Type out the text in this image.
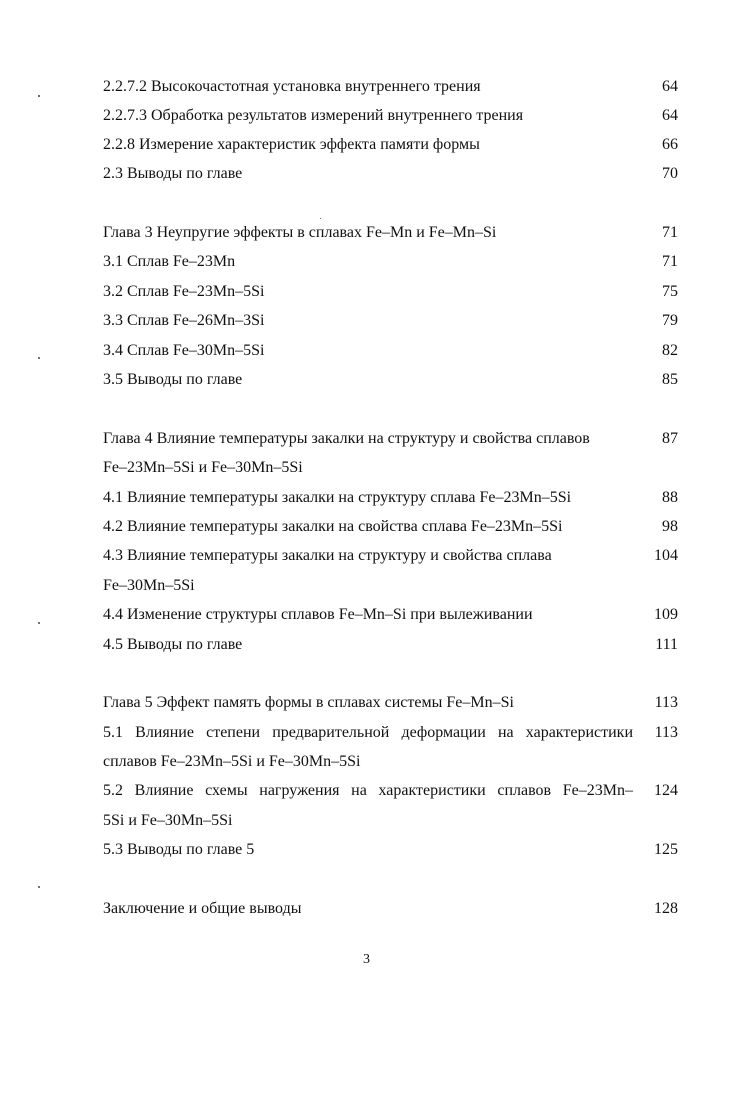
2.2.7.2 Высокочастотная установка внутреннего трения	64
2.2.7.3 Обработка результатов измерений внутреннего трения	64
2.2.8 Измерение характеристик эффекта памяти формы	66
2.3 Выводы по главе	70
Глава 3 Неупругие эффекты в сплавах Fe–Mn и Fe–Mn–Si	71
3.1 Сплав Fe–23Mn	71
3.2 Сплав Fe–23Mn–5Si	75
3.3 Сплав Fe–26Mn–3Si	79
3.4 Сплав Fe–30Mn–5Si	82
3.5 Выводы по главе	85
Глава 4 Влияние температуры закалки на структуру и свойства сплавов	87
Fe–23Mn–5Si и Fe–30Mn–5Si
4.1 Влияние температуры закалки на структуру сплава Fe–23Mn–5Si	88
4.2 Влияние температуры закалки на свойства сплава Fe–23Mn–5Si	98
4.3 Влияние температуры закалки на структуру и свойства сплава	104
Fe–30Mn–5Si
4.4 Изменение структуры сплавов Fe–Mn–Si при вылеживании	109
4.5 Выводы по главе	111
Глава 5 Эффект память формы в сплавах системы Fe–Mn–Si	113
5.1 Влияние степени предварительной деформации на характеристики 113
сплавов Fe–23Mn–5Si и Fe–30Mn–5Si
5.2 Влияние схемы нагружения на характеристики сплавов Fe–23Mn– 124
5Si и Fe–30Mn–5Si
5.3 Выводы по главе 5	125
Заключение и общие выводы	128
3
